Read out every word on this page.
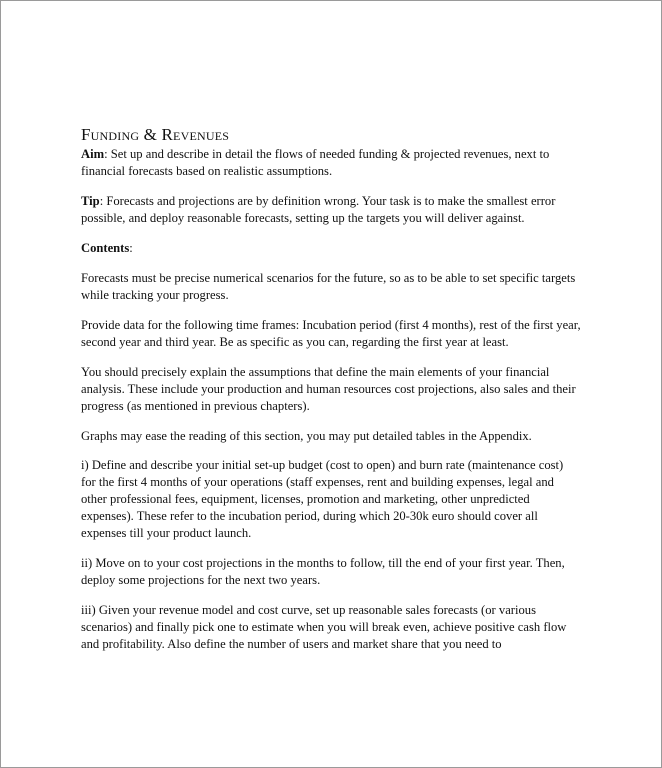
Funding & Revenues

Aim: Set up and describe in detail the flows of needed funding & projected revenues, next to financial forecasts based on realistic assumptions.

Tip: Forecasts and projections are by definition wrong. Your task is to make the smallest error possible, and deploy reasonable forecasts, setting up the targets you will deliver against.

Contents:

Forecasts must be precise numerical scenarios for the future, so as to be able to set specific targets while tracking your progress.

Provide data for the following time frames: Incubation period (first 4 months), rest of the first year, second year and third year. Be as specific as you can, regarding the first year at least.

You should precisely explain the assumptions that define the main elements of your financial analysis. These include your production and human resources cost projections, also sales and their progress (as mentioned in previous chapters).

Graphs may ease the reading of this section, you may put detailed tables in the Appendix.

i) Define and describe your initial set-up budget (cost to open) and burn rate (maintenance cost) for the first 4 months of your operations (staff expenses, rent and building expenses, legal and other professional fees, equipment, licenses, promotion and marketing, other unpredicted expenses). These refer to the incubation period, during which 20-30k euro should cover all expenses till your product launch.

ii) Move on to your cost projections in the months to follow, till the end of your first year. Then, deploy some projections for the next two years.

iii) Given your revenue model and cost curve, set up reasonable sales forecasts (or various scenarios) and finally pick one to estimate when you will break even, achieve positive cash flow and profitability. Also define the number of users and market share that you need to
